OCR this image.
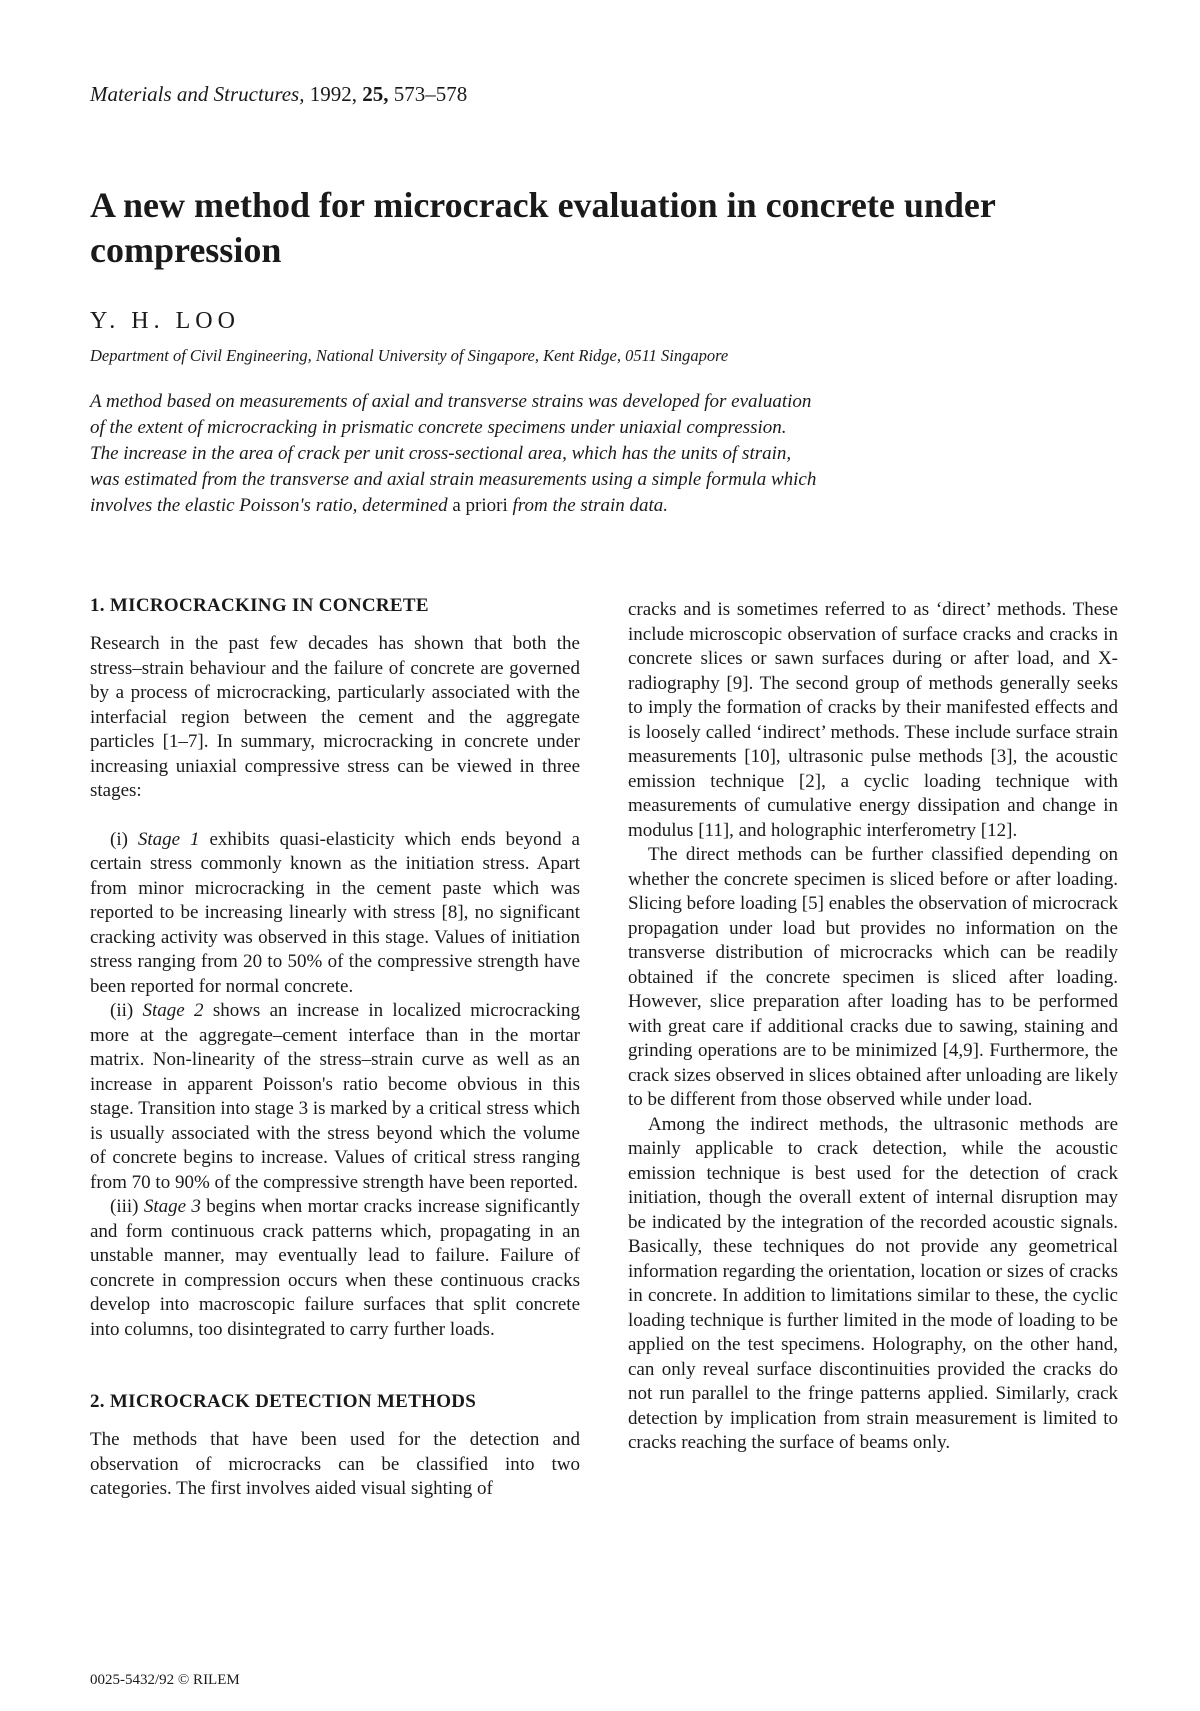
Materials and Structures, 1992, 25, 573–578

A new method for microcrack evaluation in concrete under compression

Y. H. LOO

Department of Civil Engineering, National University of Singapore, Kent Ridge, 0511 Singapore

A method based on measurements of axial and transverse strains was developed for evaluation
of the extent of microcracking in prismatic concrete specimens under uniaxial compression.
The increase in the area of crack per unit cross-sectional area, which has the units of strain,
was estimated from the transverse and axial strain measurements using a simple formula which
involves the elastic Poisson's ratio, determined a priori from the strain data.
1. MICROCRACKING IN CONCRETE

Research in the past few decades has shown that both the stress–strain behaviour and the failure of concrete are governed by a process of microcracking, particularly associated with the interfacial region between the cement and the aggregate particles [1–7]. In summary, microcracking in concrete under increasing uniaxial compressive stress can be viewed in three stages:

(i) Stage 1 exhibits quasi-elasticity which ends beyond a certain stress commonly known as the initiation stress. Apart from minor microcracking in the cement paste which was reported to be increasing linearly with stress [8], no significant cracking activity was observed in this stage. Values of initiation stress ranging from 20 to 50% of the compressive strength have been reported for normal concrete.

(ii) Stage 2 shows an increase in localized microcracking more at the aggregate–cement interface than in the mortar matrix. Non-linearity of the stress–strain curve as well as an increase in apparent Poisson's ratio become obvious in this stage. Transition into stage 3 is marked by a critical stress which is usually associated with the stress beyond which the volume of concrete begins to increase. Values of critical stress ranging from 70 to 90% of the compressive strength have been reported.

(iii) Stage 3 begins when mortar cracks increase significantly and form continuous crack patterns which, propagating in an unstable manner, may eventually lead to failure. Failure of concrete in compression occurs when these continuous cracks develop into macroscopic failure surfaces that split concrete into columns, too disintegrated to carry further loads.

2. MICROCRACK DETECTION METHODS

The methods that have been used for the detection and observation of microcracks can be classified into two categories. The first involves aided visual sighting of

cracks and is sometimes referred to as ‘direct’ methods. These include microscopic observation of surface cracks and cracks in concrete slices or sawn surfaces during or after load, and X-radiography [9]. The second group of methods generally seeks to imply the formation of cracks by their manifested effects and is loosely called ‘indirect’ methods. These include surface strain measurements [10], ultrasonic pulse methods [3], the acoustic emission technique [2], a cyclic loading technique with measurements of cumulative energy dissipation and change in modulus [11], and holographic interferometry [12].

The direct methods can be further classified depending on whether the concrete specimen is sliced before or after loading. Slicing before loading [5] enables the observation of microcrack propagation under load but provides no information on the transverse distribution of microcracks which can be readily obtained if the concrete specimen is sliced after loading. However, slice preparation after loading has to be performed with great care if additional cracks due to sawing, staining and grinding operations are to be minimized [4,9]. Furthermore, the crack sizes observed in slices obtained after unloading are likely to be different from those observed while under load.

Among the indirect methods, the ultrasonic methods are mainly applicable to crack detection, while the acoustic emission technique is best used for the detection of crack initiation, though the overall extent of internal disruption may be indicated by the integration of the recorded acoustic signals. Basically, these techniques do not provide any geometrical information regarding the orientation, location or sizes of cracks in concrete. In addition to limitations similar to these, the cyclic loading technique is further limited in the mode of loading to be applied on the test specimens. Holography, on the other hand, can only reveal surface discontinuities provided the cracks do not run parallel to the fringe patterns applied. Similarly, crack detection by implication from strain measurement is limited to cracks reaching the surface of beams only.

0025-5432/92 © RILEM
